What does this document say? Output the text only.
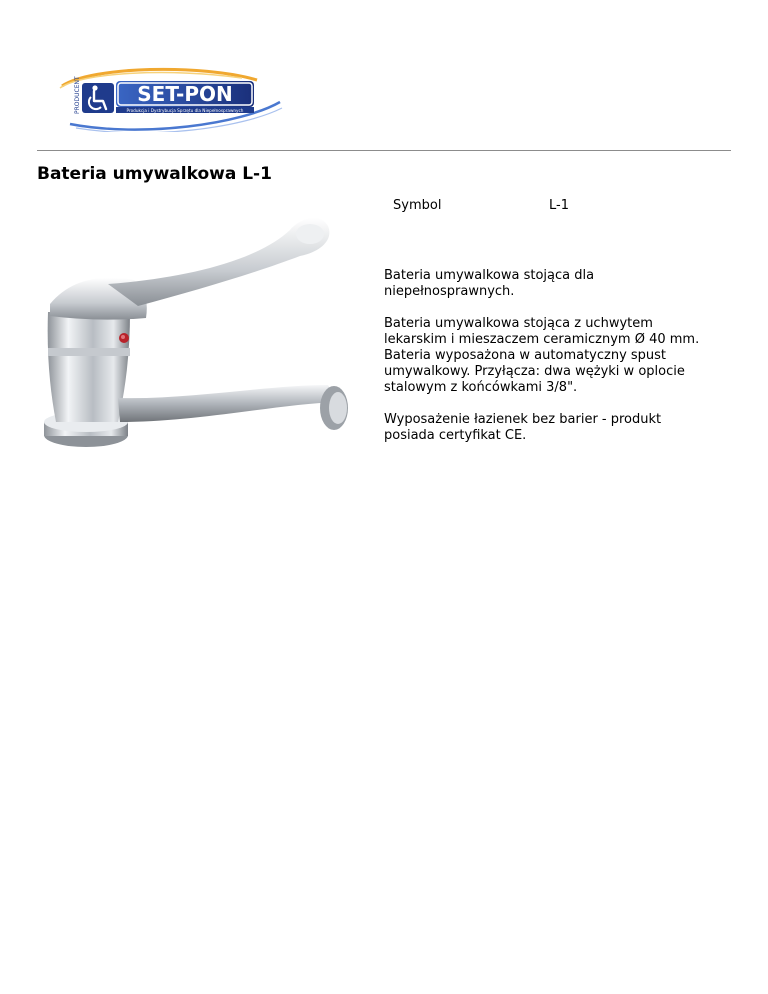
PRODUCENT	SET-PON
Produkcja i Dystrybucja Sprzętu dla Niepełnosprawnych
Bateria umywalkowa L-1
Symbol	L-1

Bateria umywalkowa stojąca dla niepełnosprawnych.

Bateria umywalkowa stojąca z uchwytem lekarskim i mieszaczem ceramicznym Ø 40 mm. Bateria wyposażona w automatyczny spust umywalkowy. Przyłącza: dwa wężyki w oplocie stalowym z końcówkami 3/8".

Wyposażenie łazienek bez barier - produkt posiada certyfikat CE.
